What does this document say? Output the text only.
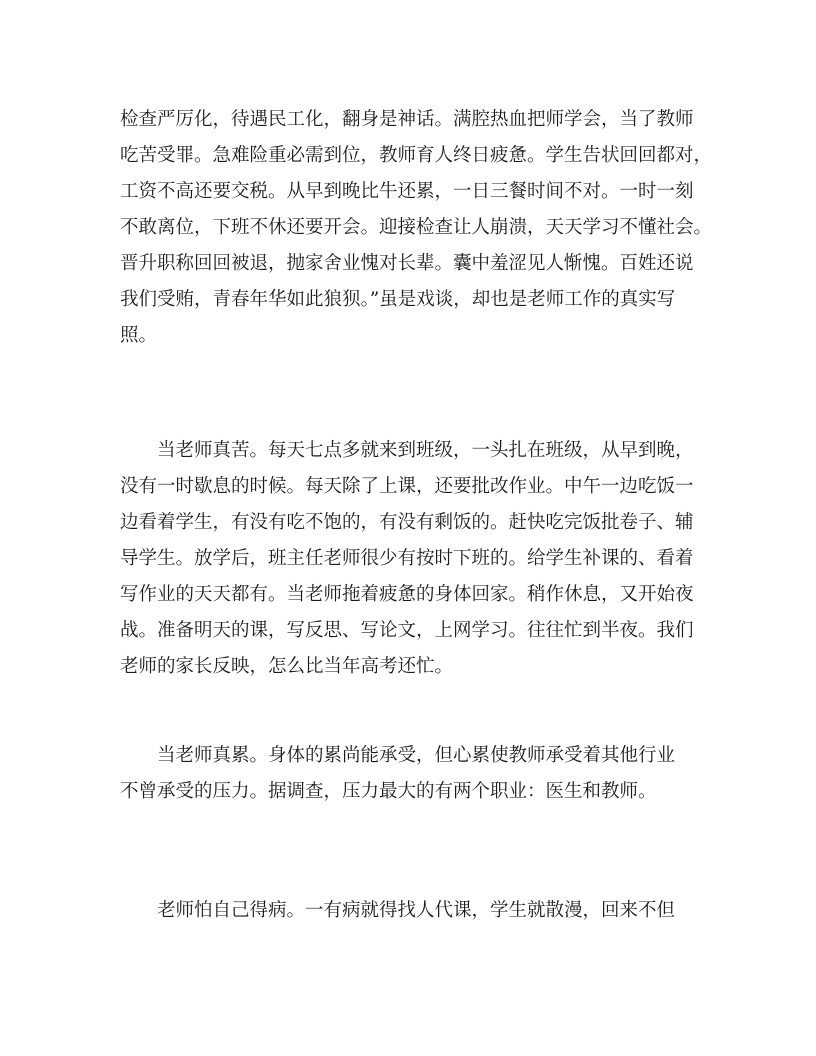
检查严厉化，待遇民工化，翻身是神话。满腔热血把师学会，当了教师
吃苦受罪。急难险重必需到位，教师育人终日疲惫。学生告状回回都对，
工资不高还要交税。从早到晚比牛还累，一日三餐时间不对。一时一刻
不敢离位，下班不休还要开会。迎接检查让人崩溃，天天学习不懂社会。
晋升职称回回被退，抛家舍业愧对长辈。囊中羞涩见人惭愧。百姓还说
我们受贿，青春年华如此狼狈。”虽是戏谈，却也是老师工作的真实写
照。
　　当老师真苦。每天七点多就来到班级，一头扎在班级，从早到晚，
没有一时歇息的时候。每天除了上课，还要批改作业。中午一边吃饭一
边看着学生，有没有吃不饱的，有没有剩饭的。赶快吃完饭批卷子、辅
导学生。放学后，班主任老师很少有按时下班的。给学生补课的、看着
写作业的天天都有。当老师拖着疲惫的身体回家。稍作休息，又开始夜
战。准备明天的课，写反思、写论文，上网学习。往往忙到半夜。我们
老师的家长反映，怎么比当年高考还忙。
　　当老师真累。身体的累尚能承受，但心累使教师承受着其他行业
不曾承受的压力。据调查，压力最大的有两个职业：医生和教师。
　　老师怕自己得病。一有病就得找人代课，学生就散漫，回来不但
